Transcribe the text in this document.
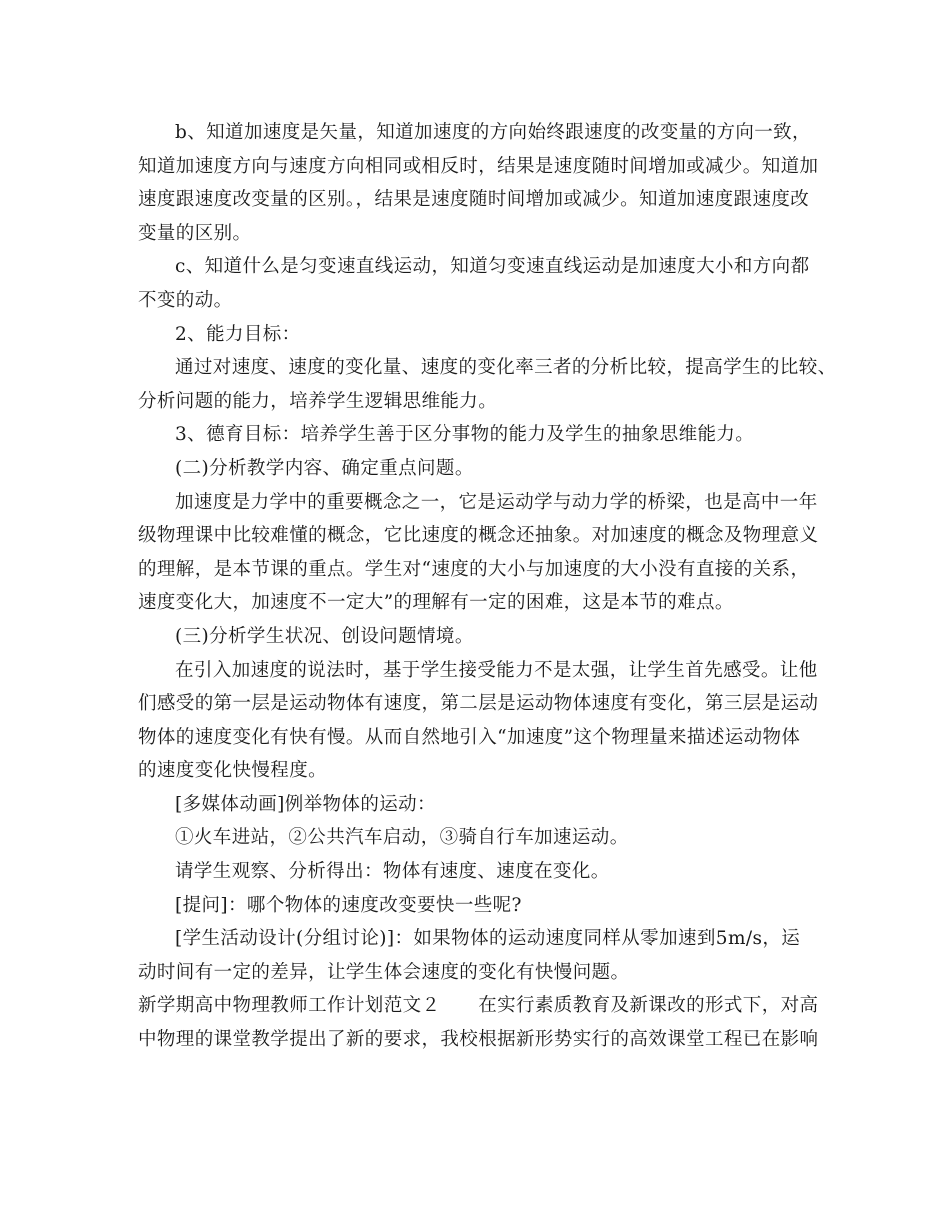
b、知道加速度是矢量，知道加速度的方向始终跟速度的改变量的方向一致，

知道加速度方向与速度方向相同或相反时，结果是速度随时间增加或减少。知道加

速度跟速度改变量的区别。，结果是速度随时间增加或减少。知道加速度跟速度改

变量的区别。

c、知道什么是匀变速直线运动，知道匀变速直线运动是加速度大小和方向都

不变的动。

2、能力目标：

通过对速度、速度的变化量、速度的变化率三者的分析比较，提高学生的比较、

分析问题的能力，培养学生逻辑思维能力。

3、德育目标：培养学生善于区分事物的能力及学生的抽象思维能力。

(二)分析教学内容、确定重点问题。

加速度是力学中的重要概念之一，它是运动学与动力学的桥梁，也是高中一年

级物理课中比较难懂的概念，它比速度的概念还抽象。对加速度的概念及物理意义

的理解，是本节课的重点。学生对“速度的大小与加速度的大小没有直接的关系，

速度变化大，加速度不一定大”的理解有一定的困难，这是本节的难点。

(三)分析学生状况、创设问题情境。

在引入加速度的说法时，基于学生接受能力不是太强，让学生首先感受。让他

们感受的第一层是运动物体有速度，第二层是运动物体速度有变化，第三层是运动

物体的速度变化有快有慢。从而自然地引入“加速度”这个物理量来描述运动物体

的速度变化快慢程度。

[多媒体动画]例举物体的运动：

①火车进站，②公共汽车启动，③骑自行车加速运动。

请学生观察、分析得出：物体有速度、速度在变化。

[提问]：哪个物体的速度改变要快一些呢?

[学生活动设计(分组讨论)]：如果物体的运动速度同样从零加速到5m/s，运

动时间有一定的差异，让学生体会速度的变化有快慢问题。

新学期高中物理教师工作计划范文２　　在实行素质教育及新课改的形式下，对高

中物理的课堂教学提出了新的要求，我校根据新形势实行的高效课堂工程已在影响
